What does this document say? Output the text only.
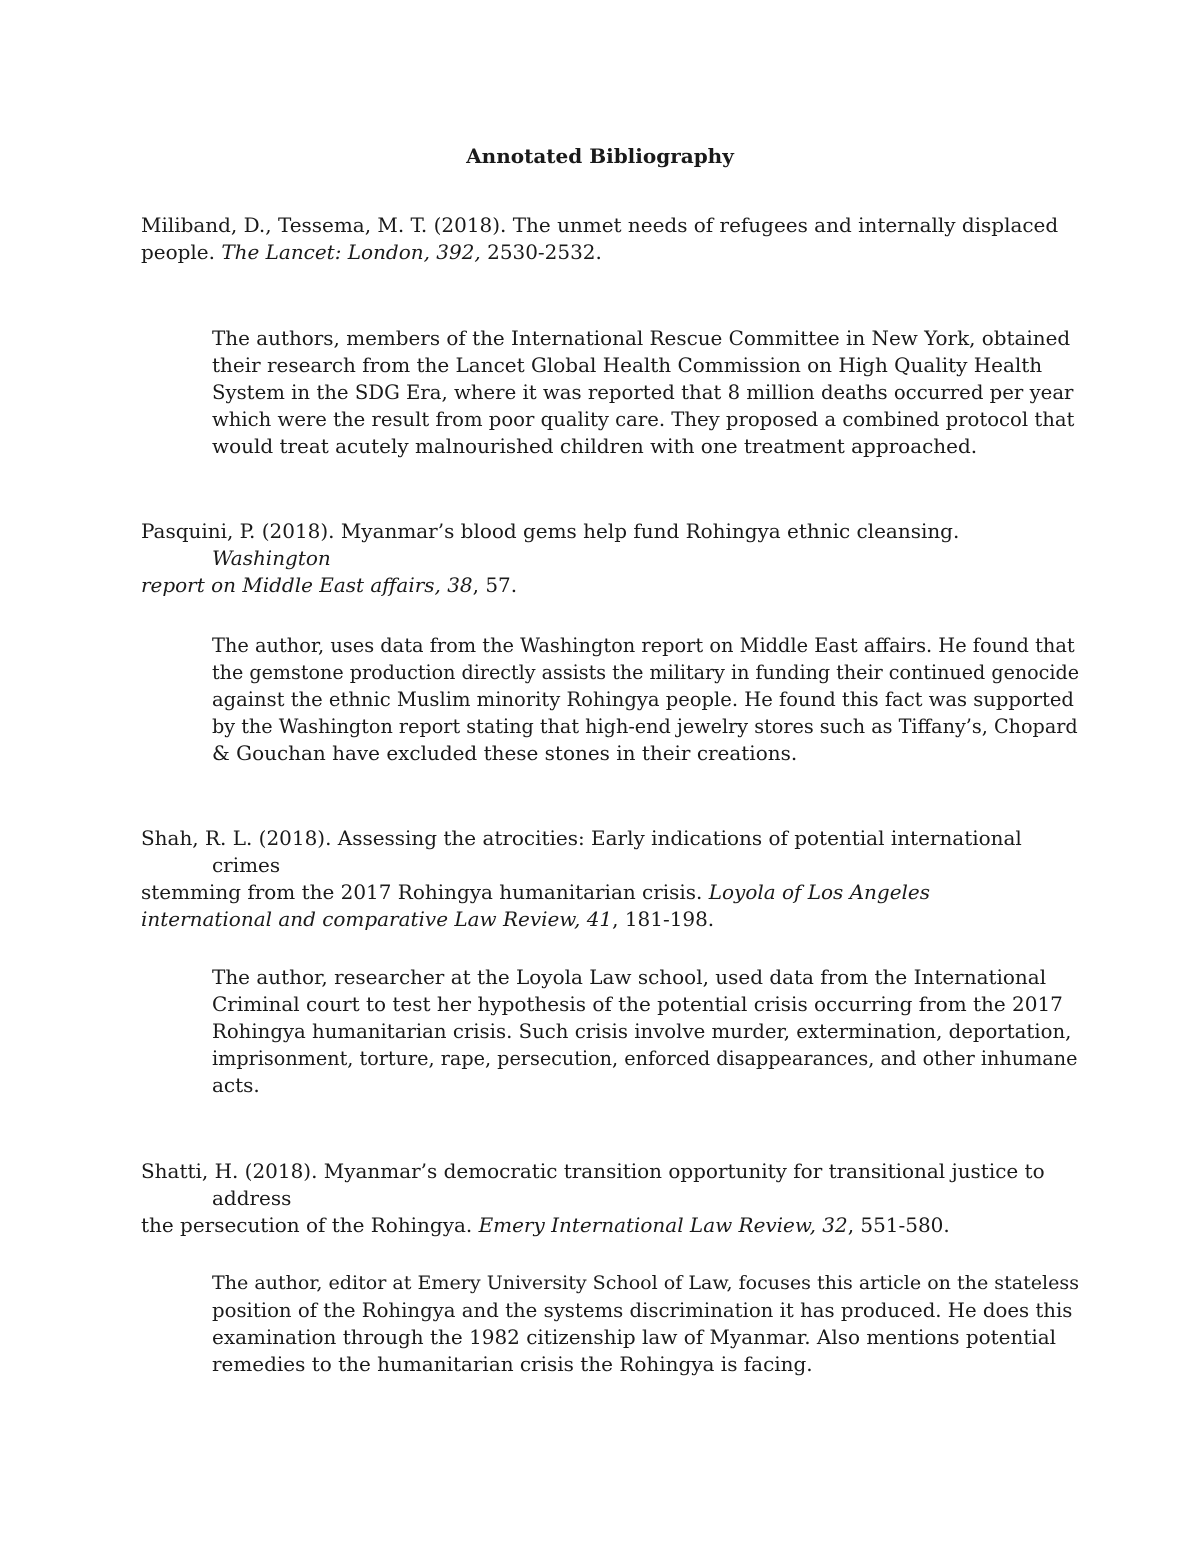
Annotated Bibliography

Miliband, D., Tessema, M. T. (2018). The unmet needs of refugees and internally displaced
people. The Lancet: London, 392, 2530-2532.

The authors, members of the International Rescue Committee in New York, obtained
their research from the Lancet Global Health Commission on High Quality Health
System in the SDG Era, where it was reported that 8 million deaths occurred per year
which were the result from poor quality care. They proposed a combined protocol that
would treat acutely malnourished children with one treatment approached.

Pasquini, P. (2018). Myanmar’s blood gems help fund Rohingya ethnic cleansing. Washington
report on Middle East affairs, 38, 57.

The author, uses data from the Washington report on Middle East affairs. He found that
the gemstone production directly assists the military in funding their continued genocide
against the ethnic Muslim minority Rohingya people. He found this fact was supported
by the Washington report stating that high-end jewelry stores such as Tiffany’s, Chopard
& Gouchan have excluded these stones in their creations.

Shah, R. L. (2018). Assessing the atrocities: Early indications of potential international crimes
stemming from the 2017 Rohingya humanitarian crisis. Loyola of Los Angeles
international and comparative Law Review, 41, 181-198.

The author, researcher at the Loyola Law school, used data from the International
Criminal court to test her hypothesis of the potential crisis occurring from the 2017
Rohingya humanitarian crisis. Such crisis involve murder, extermination, deportation,
imprisonment, torture, rape, persecution, enforced disappearances, and other inhumane
acts.

Shatti, H. (2018). Myanmar’s democratic transition opportunity for transitional justice to address
the persecution of the Rohingya. Emery International Law Review, 32, 551-580.

The author, editor at Emery University School of Law, focuses this article on the stateless
position of the Rohingya and the systems discrimination it has produced. He does this
examination through the 1982 citizenship law of Myanmar. Also mentions potential
remedies to the humanitarian crisis the Rohingya is facing.
